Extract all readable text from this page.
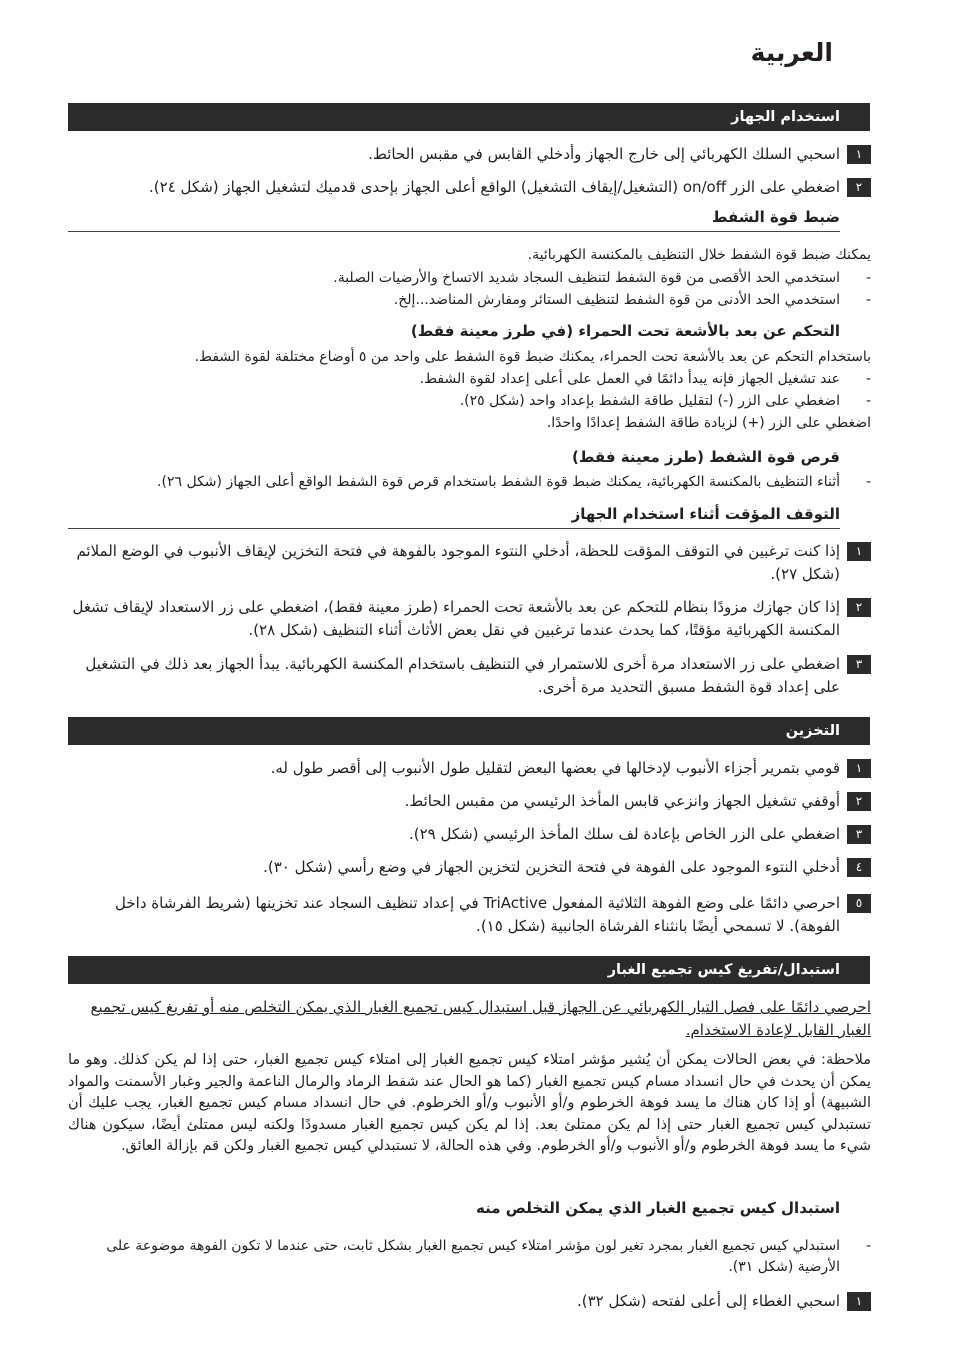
العربية
استخدام الجهاز
١
اسحبي السلك الكهربائي إلى خارج الجهاز وأدخلي القابس في مقبس الحائط.
٢
اضغطي على الزر on/off (التشغيل/إيقاف التشغيل) الواقع أعلى الجهاز بإحدى قدميك لتشغيل الجهاز (شكل ٢٤).
ضبط قوة الشفط
يمكنك ضبط قوة الشفط خلال التنظيف بالمكنسة الكهربائية.
-
استخدمي الحد الأقصى من قوة الشفط لتنظيف السجاد شديد الاتساخ والأرضيات الصلبة.
-
استخدمي الحد الأدنى من قوة الشفط لتنظيف الستائر ومفارش المناضد...إلخ.
التحكم عن بعد بالأشعة تحت الحمراء (في طرز معينة فقط)
باستخدام التحكم عن بعد بالأشعة تحت الحمراء، يمكنك ضبط قوة الشفط على واحد من ٥ أوضاع مختلفة لقوة الشفط.
-
عند تشغيل الجهاز فإنه يبدأ دائمًا في العمل على أعلى إعداد لقوة الشفط.
-
اضغطي على الزر (-) لتقليل طاقة الشفط بإعداد واحد (شكل ٢٥).
اضغطي على الزر (+) لزيادة طاقة الشفط إعدادًا واحدًا.
قرص قوة الشفط (طرز معينة فقط)
-
أثناء التنظيف بالمكنسة الكهربائية، يمكنك ضبط قوة الشفط باستخدام قرص قوة الشفط الواقع أعلى الجهاز (شكل ٢٦).
التوقف المؤقت أثناء استخدام الجهاز
١
إذا كنت ترغبين في التوقف المؤقت للحظة، أدخلي النتوء الموجود بالفوهة في فتحة التخزين لإيقاف الأنبوب في الوضع الملائم (شكل ٢٧).
٢
إذا كان جهازك مزودًا بنظام للتحكم عن بعد بالأشعة تحت الحمراء (طرز معينة فقط)، اضغطي على زر الاستعداد لإيقاف تشغل المكنسة الكهربائية مؤقتًا، كما يحدث عندما ترغبين في نقل بعض الأثاث أثناء التنظيف (شكل ٢٨).
٣
اضغطي على زر الاستعداد مرة أخرى للاستمرار في التنظيف باستخدام المكنسة الكهربائية. يبدأ الجهاز بعد ذلك في التشغيل على إعداد قوة الشفط مسبق التحديد مرة أخرى.
التخزين
١
قومي بتمرير أجزاء الأنبوب لإدخالها في بعضها البعض لتقليل طول الأنبوب إلى أقصر طول له.
٢
أوقفي تشغيل الجهاز وانزعي قابس المأخذ الرئيسي من مقبس الحائط.
٣
اضغطي على الزر الخاص بإعادة لف سلك المأخذ الرئيسي (شكل ٢٩).
٤
أدخلي النتوء الموجود على الفوهة في فتحة التخزين لتخزين الجهاز في وضع رأسي (شكل ٣٠).
٥
احرصي دائمًا على وضع الفوهة الثلاثية المفعول TriActive في إعداد تنظيف السجاد عند تخزينها (شريط الفرشاة داخل الفوهة). لا تسمحي أيضًا بانثناء الفرشاة الجانبية (شكل ١٥).
استبدال/تفريغ كيس تجميع الغبار
احرصي دائمًا على فصل التيار الكهربائي عن الجهاز قبل استبدال كيس تجميع الغبار الذي يمكن التخلص منه أو تفريغ كيس تجميع الغبار القابل لإعادة الاستخدام.
ملاحظة: في بعض الحالات يمكن أن يُشير مؤشر امتلاء كيس تجميع الغبار إلى امتلاء كيس تجميع الغبار، حتى إذا لم يكن كذلك. وهو ما يمكن أن يحدث في حال انسداد مسام كيس تجميع الغبار (كما هو الحال عند شفط الرماد والرمال الناعمة والجير وغبار الأسمنت والمواد الشبيهة) أو إذا كان هناك ما يسد فوهة الخرطوم و/أو الأنبوب و/أو الخرطوم. في حال انسداد مسام كيس تجميع الغبار، يجب عليك أن تستبدلي كيس تجميع الغبار حتى إذا لم يكن ممتلئ بعد. إذا لم يكن كيس تجميع الغبار مسدودًا ولكنه ليس ممتلئ أيضًا، سيكون هناك شيء ما يسد فوهة الخرطوم و/أو الأنبوب و/أو الخرطوم. وفي هذه الحالة، لا تستبدلي كيس تجميع الغبار ولكن قم بإزالة العائق.
استبدال كيس تجميع الغبار الذي يمكن التخلص منه
-
استبدلي كيس تجميع الغبار بمجرد تغير لون مؤشر امتلاء كيس تجميع الغبار بشكل ثابت، حتى عندما لا تكون الفوهة موضوعة على الأرضية (شكل ٣١).
١
اسحبي الغطاء إلى أعلى لفتحه (شكل ٣٢).
